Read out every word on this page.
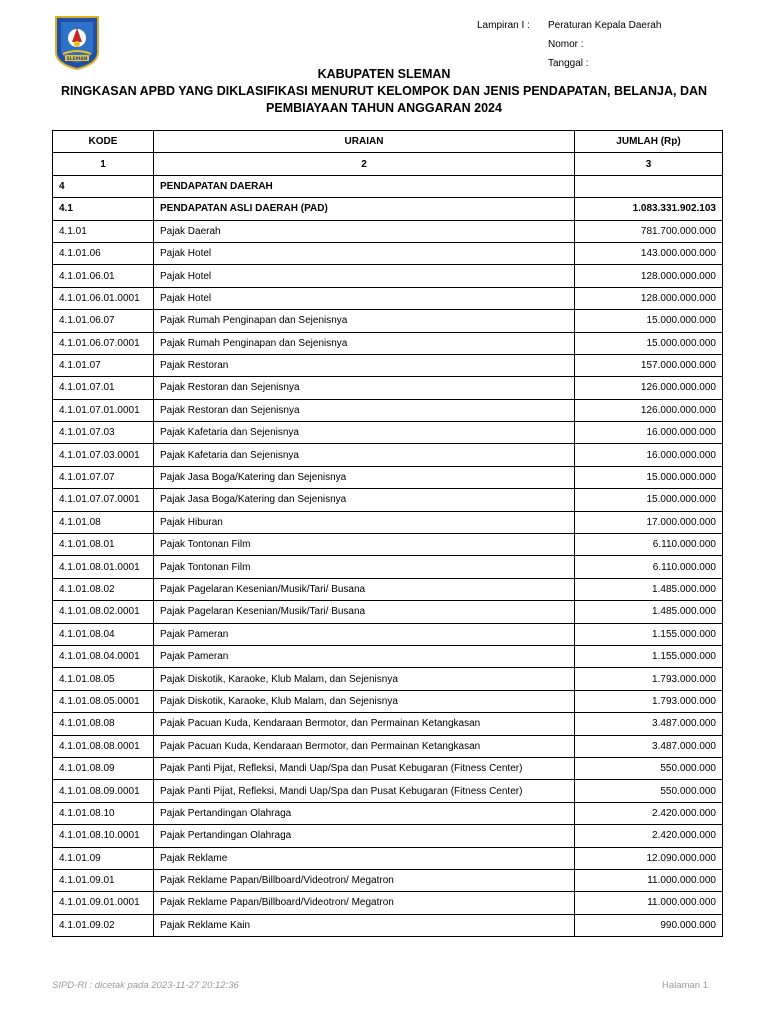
SLEMAN
Lampiran I :	Peraturan Kepala Daerah
Nomor :
Tanggal :
KABUPATEN SLEMAN
RINGKASAN APBD YANG DIKLASIFIKASI MENURUT KELOMPOK DAN JENIS PENDAPATAN, BELANJA, DAN
PEMBIAYAAN TAHUN ANGGARAN 2024
KODE	URAIAN	JUMLAH (Rp)
1	2	3
4	PENDAPATAN DAERAH	
4.1	PENDAPATAN ASLI DAERAH (PAD)	1.083.331.902.103
4.1.01	Pajak Daerah	781.700.000.000
4.1.01.06	Pajak Hotel	143.000.000.000
4.1.01.06.01	Pajak Hotel	128.000.000.000
4.1.01.06.01.0001	Pajak Hotel	128.000.000.000
4.1.01.06.07	Pajak Rumah Penginapan dan Sejenisnya	15.000.000.000
4.1.01.06.07.0001	Pajak Rumah Penginapan dan Sejenisnya	15.000.000.000
4.1.01.07	Pajak Restoran	157.000.000.000
4.1.01.07.01	Pajak Restoran dan Sejenisnya	126.000.000.000
4.1.01.07.01.0001	Pajak Restoran dan Sejenisnya	126.000.000.000
4.1.01.07.03	Pajak Kafetaria dan Sejenisnya	16.000.000.000
4.1.01.07.03.0001	Pajak Kafetaria dan Sejenisnya	16.000.000.000
4.1.01.07.07	Pajak Jasa Boga/Katering dan Sejenisnya	15.000.000.000
4.1.01.07.07.0001	Pajak Jasa Boga/Katering dan Sejenisnya	15.000.000.000
4.1.01.08	Pajak Hiburan	17.000.000.000
4.1.01.08.01	Pajak Tontonan Film	6.110.000.000
4.1.01.08.01.0001	Pajak Tontonan Film	6.110.000.000
4.1.01.08.02	Pajak Pagelaran Kesenian/Musik/Tari/ Busana	1.485.000.000
4.1.01.08.02.0001	Pajak Pagelaran Kesenian/Musik/Tari/ Busana	1.485.000.000
4.1.01.08.04	Pajak Pameran	1.155.000.000
4.1.01.08.04.0001	Pajak Pameran	1.155.000.000
4.1.01.08.05	Pajak Diskotik, Karaoke, Klub Malam, dan Sejenisnya	1.793.000.000
4.1.01.08.05.0001	Pajak Diskotik, Karaoke, Klub Malam, dan Sejenisnya	1.793.000.000
4.1.01.08.08	Pajak Pacuan Kuda, Kendaraan Bermotor, dan Permainan Ketangkasan	3.487.000.000
4.1.01.08.08.0001	Pajak Pacuan Kuda, Kendaraan Bermotor, dan Permainan Ketangkasan	3.487.000.000
4.1.01.08.09	Pajak Panti Pijat, Refleksi, Mandi Uap/Spa dan Pusat Kebugaran (Fitness Center)	550.000.000
4.1.01.08.09.0001	Pajak Panti Pijat, Refleksi, Mandi Uap/Spa dan Pusat Kebugaran (Fitness Center)	550.000.000
4.1.01.08.10	Pajak Pertandingan Olahraga	2.420.000.000
4.1.01.08.10.0001	Pajak Pertandingan Olahraga	2.420.000.000
4.1.01.09	Pajak Reklame	12.090.000.000
4.1.01.09.01	Pajak Reklame Papan/Billboard/Videotron/ Megatron	11.000.000.000
4.1.01.09.01.0001	Pajak Reklame Papan/Billboard/Videotron/ Megatron	11.000.000.000
4.1.01.09.02	Pajak Reklame Kain	990.000.000
SIPD-RI : dicetak pada 2023-11-27 20:12:36	Halaman 1
